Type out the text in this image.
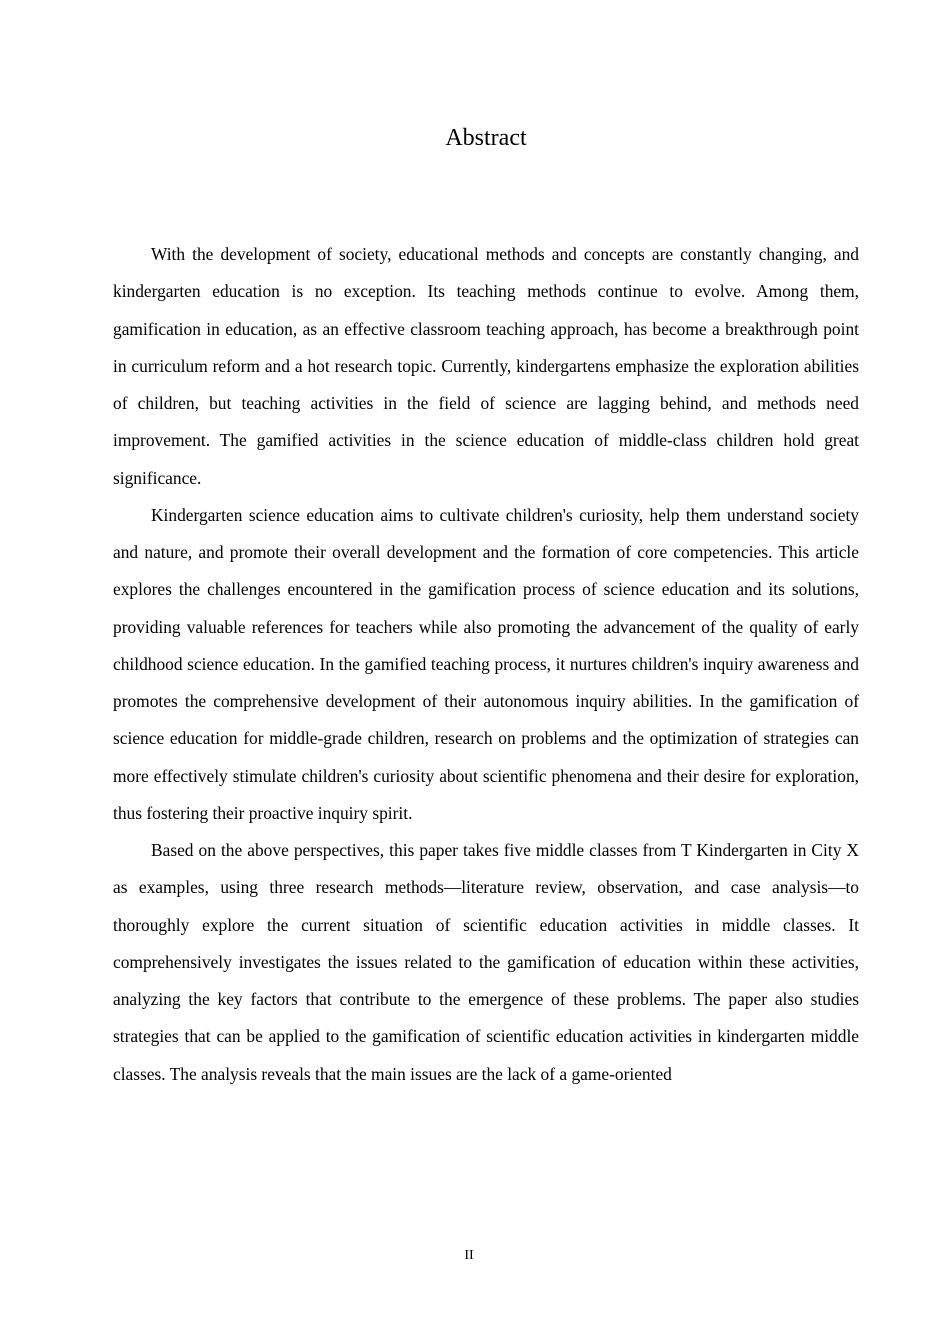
Abstract

With the development of society, educational methods and concepts are constantly changing, and kindergarten education is no exception. Its teaching methods continue to evolve. Among them, gamification in education, as an effective classroom teaching approach, has become a breakthrough point in curriculum reform and a hot research topic. Currently, kindergartens emphasize the exploration abilities of children, but teaching activities in the field of science are lagging behind, and methods need improvement. The gamified activities in the science education of middle-class children hold great significance.

Kindergarten science education aims to cultivate children's curiosity, help them understand society and nature, and promote their overall development and the formation of core competencies. This article explores the challenges encountered in the gamification process of science education and its solutions, providing valuable references for teachers while also promoting the advancement of the quality of early childhood science education. In the gamified teaching process, it nurtures children's inquiry awareness and promotes the comprehensive development of their autonomous inquiry abilities. In the gamification of science education for middle-grade children, research on problems and the optimization of strategies can more effectively stimulate children's curiosity about scientific phenomena and their desire for exploration, thus fostering their proactive inquiry spirit.

Based on the above perspectives, this paper takes five middle classes from T Kindergarten in City X as examples, using three research methods—literature review, observation, and case analysis—to thoroughly explore the current situation of scientific education activities in middle classes. It comprehensively investigates the issues related to the gamification of education within these activities, analyzing the key factors that contribute to the emergence of these problems. The paper also studies strategies that can be applied to the gamification of scientific education activities in kindergarten middle classes. The analysis reveals that the main issues are the lack of a game-oriented

II
